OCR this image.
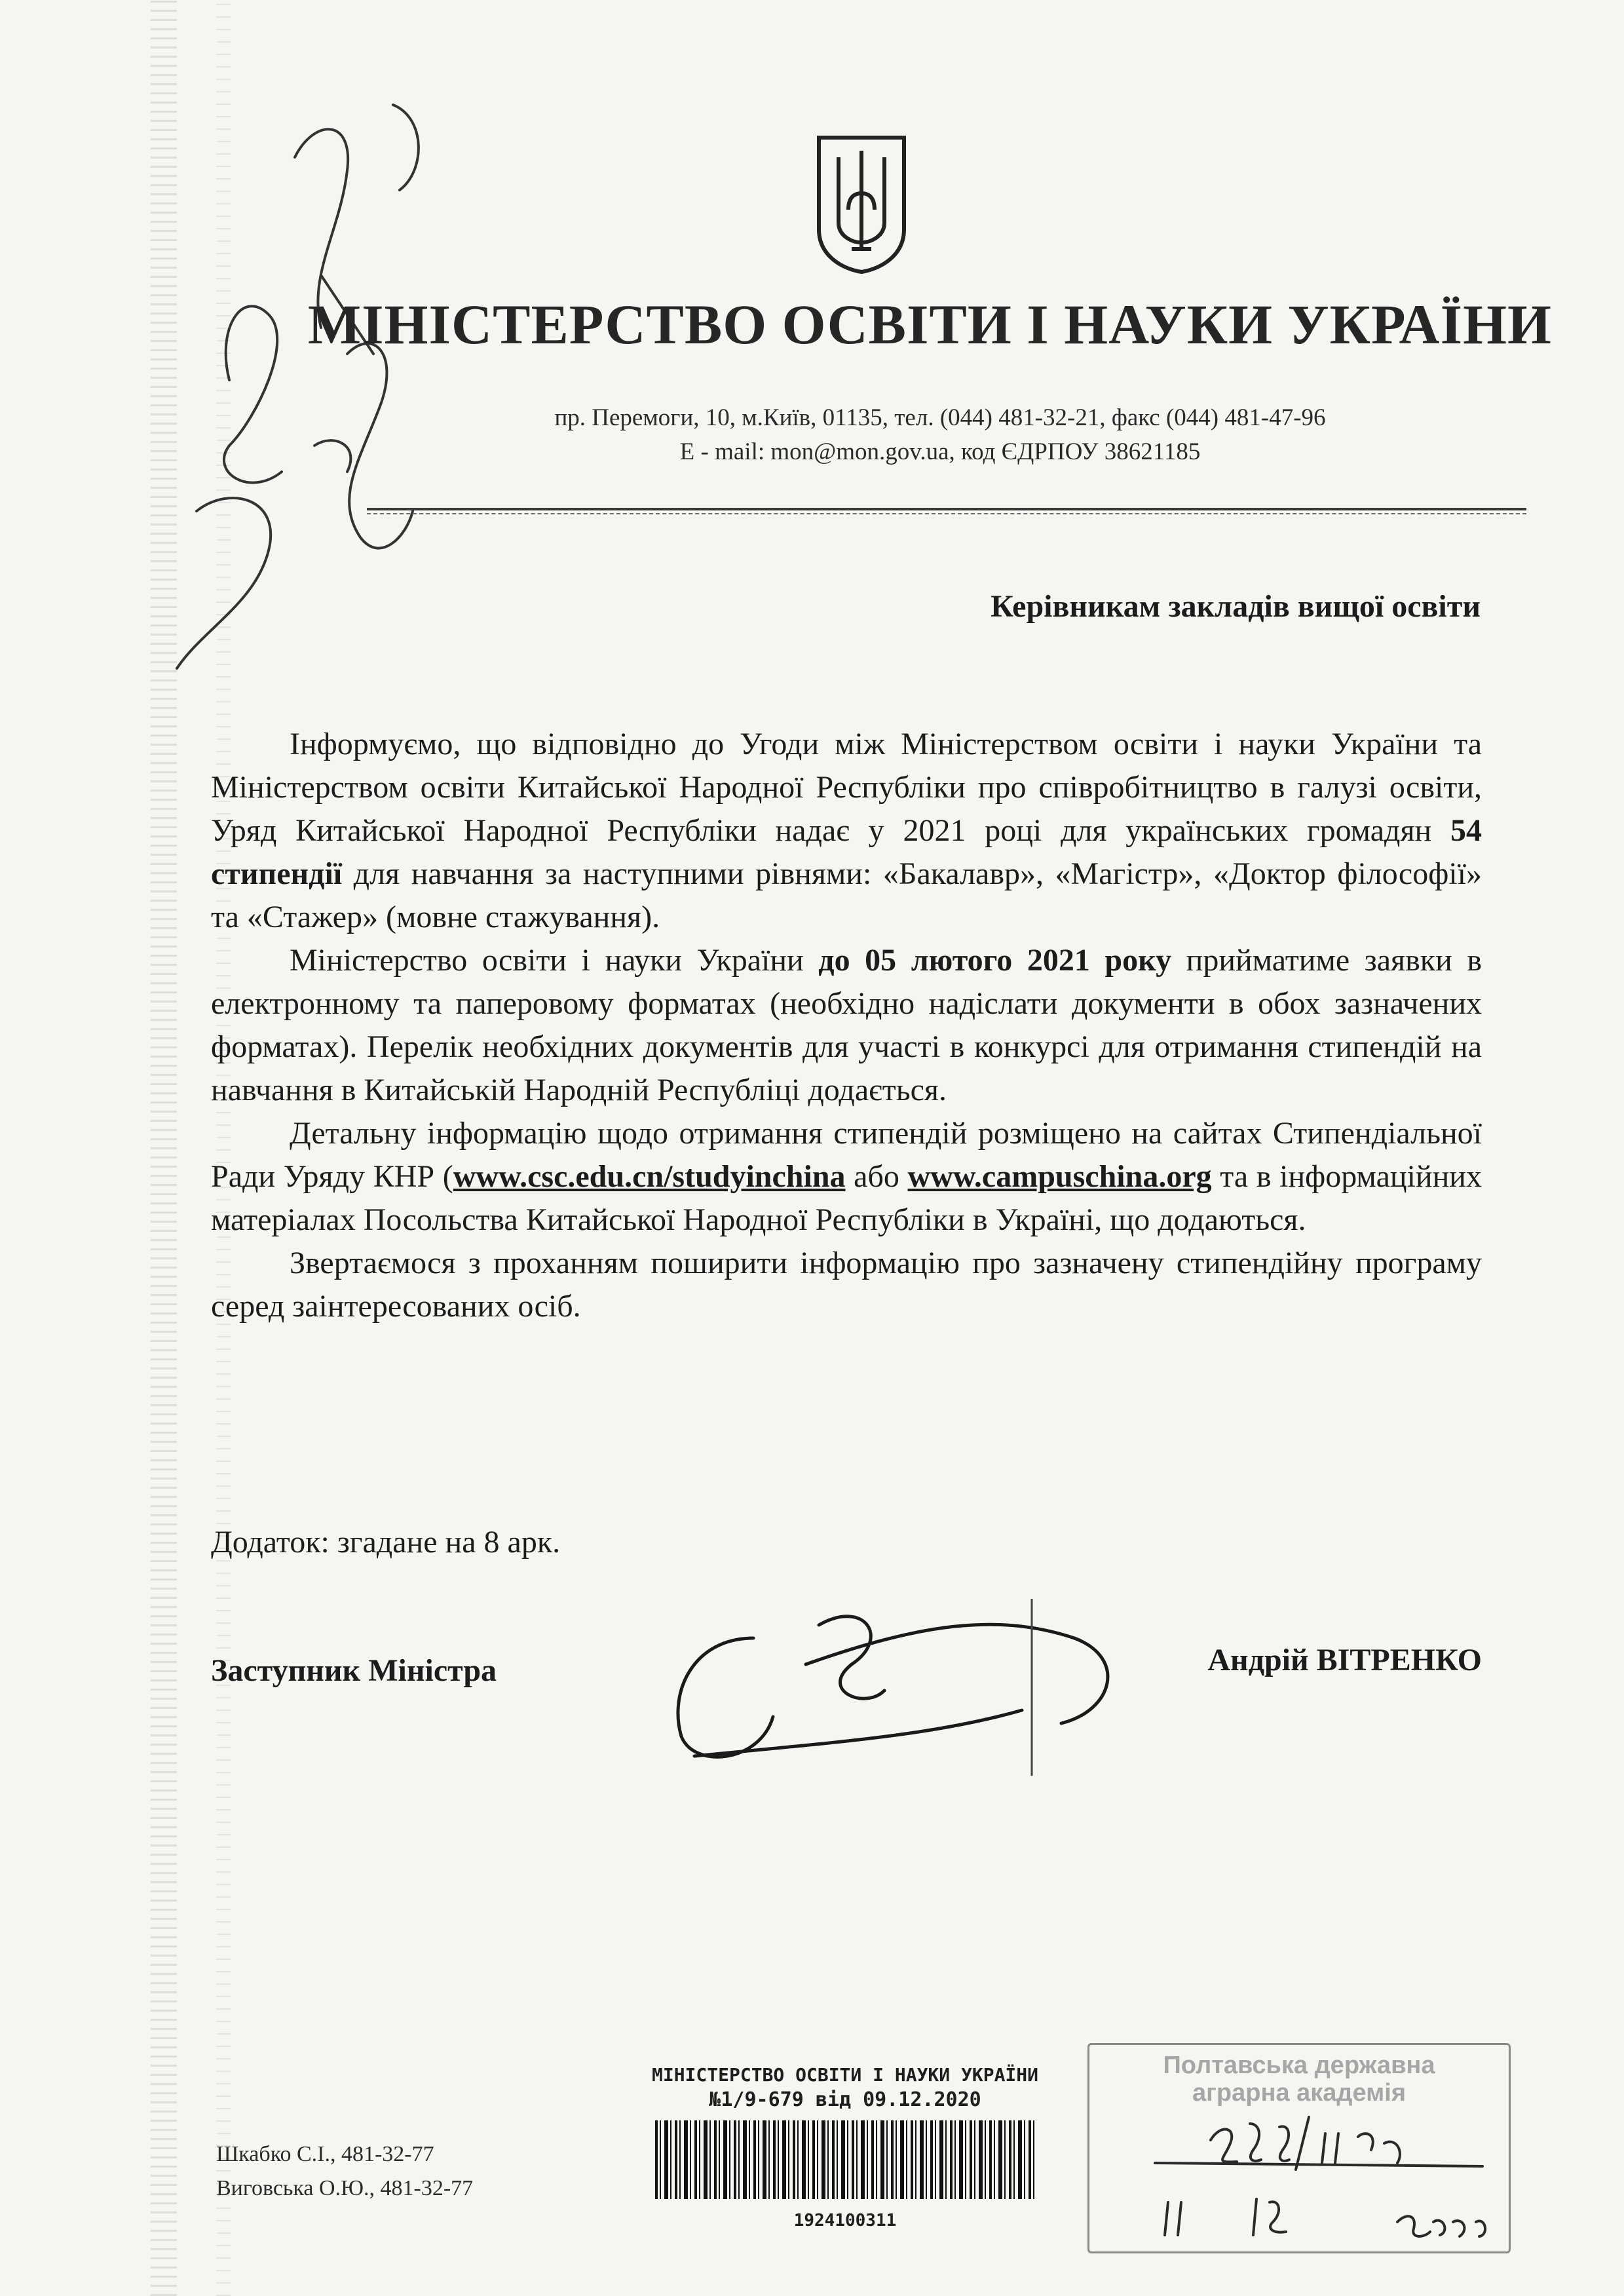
МІНІСТЕРСТВО ОСВІТИ І НАУКИ УКРАЇНИ
пр. Перемоги, 10, м.Київ, 01135, тел. (044) 481-32-21, факс (044) 481-47-96
E - mail: mon@mon.gov.ua, код ЄДРПОУ 38621185
Керівникам закладів вищої освіти

Інформуємо, що відповідно до Угоди між Міністерством освіти і науки України та Міністерством освіти Китайської Народної Республіки про співробітництво в галузі освіти, Уряд Китайської Народної Республіки надає у 2021 році для українських громадян 54 стипендії для навчання за наступними рівнями: «Бакалавр», «Магістр», «Доктор філософії» та «Стажер» (мовне стажування).

Міністерство освіти і науки України до 05 лютого 2021 року прийматиме заявки в електронному та паперовому форматах (необхідно надіслати документи в обох зазначених форматах). Перелік необхідних документів для участі в конкурсі для отримання стипендій на навчання в Китайській Народній Республіці додається.

Детальну інформацію щодо отримання стипендій розміщено на сайтах Стипендіальної Ради Уряду КНР (www.csc.edu.cn/studyinchina або www.campuschina.org та в інформаційних матеріалах Посольства Китайської Народної Республіки в Україні, що додаються.

Звертаємося з проханням поширити інформацію про зазначену стипендійну програму серед заінтересованих осіб.

Додаток: згадане на 8 арк.
Заступник Міністра	Андрій ВІТРЕНКО
Шкабко С.І., 481-32-77
Виговська О.Ю., 481-32-77
МІНІСТЕРСТВО ОСВІТИ І НАУКИ УКРАЇНИ
№1/9-679 від 09.12.2020
1924100311
Полтавська державна
аграрна академія
